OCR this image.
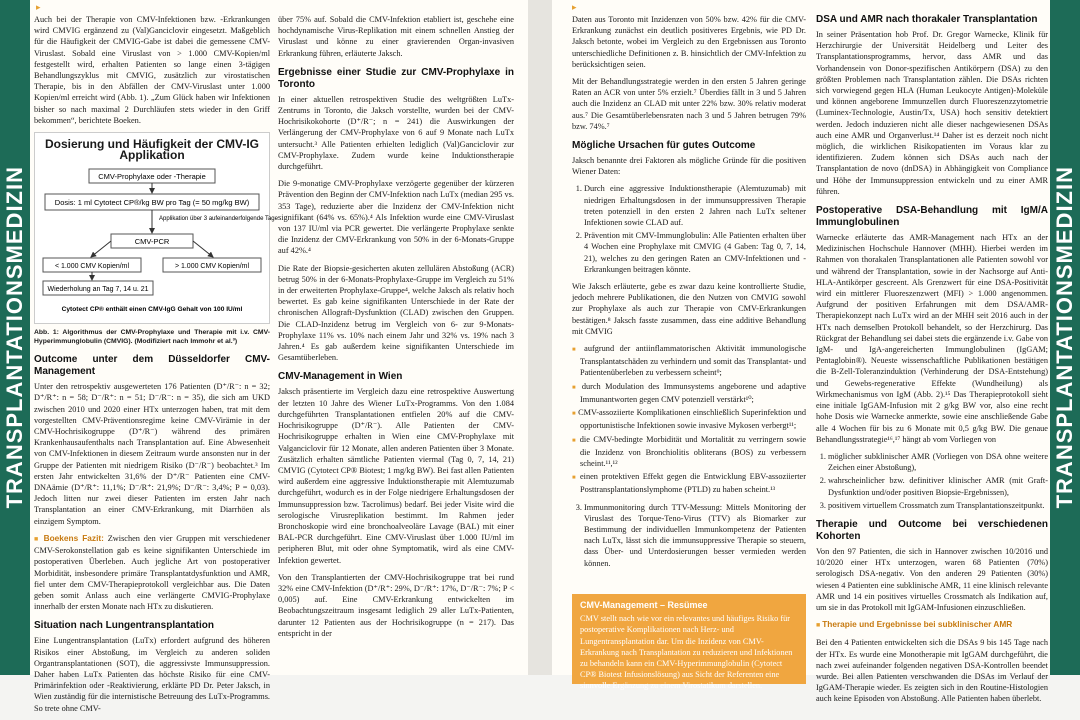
TRANSPLANTATIONSMEDIZIN
▸

Auch bei der Therapie von CMV-Infektionen bzw. -Erkrankungen wird CMVIG ergänzend zu (Val)Ganciclovir eingesetzt. Maßgeblich für die Häufigkeit der CMVIG-Gabe ist dabei die gemessene CMV-Viruslast. Sobald eine Viruslast von > 1.000 CMV-Kopien/ml festgestellt wird, erhalten Patienten so lange einen 3-tägigen Behandlungszyklus mit CMVIG, zusätzlich zur virostatischen Therapie, bis in den Abfällen der CMV-Viruslast unter 1.000 Kopien/ml erreicht wird (Abb. 1). „Zum Glück haben wir Infektionen bisher so nach maximal 2 Durchläufen stets wieder in den Griff bekommen“, berichtete Boeken.

Dosierung und Häufigkeit der CMV-IG Applikation
CMV-Prophylaxe oder -Therapie
Dosis: 1 ml Cytotect CP®/kg BW pro Tag (= 50 mg/kg BW)
Applikation über 3 aufeinanderfolgende Tage
CMV-PCR
< 1.000 CMV Kopien/ml	> 1.000 CMV Kopien/ml
Wiederholung an Tag 7, 14 u. 21
Cytotect CP® enthält einen CMV-IgG Gehalt von 100 IU/ml
Abb. 1: Algorithmus der CMV-Prophylaxe und Therapie mit i.v. CMV-Hyperimmunglobulin (CMVIG). (Modifiziert nach Immohr et al.³)
Outcome unter dem Düsseldorfer CMV-Management

Unter den retrospektiv ausgewerteten 176 Patienten (D⁺/R⁻: n = 32; D⁺/R⁺: n = 58; D⁻/R⁺: n = 51; D⁻/R⁻: n = 35), die sich am UKD zwischen 2010 und 2020 einer HTx unterzogen haben, trat mit dem vorgestellten CMV-Präventionsregime keine CMV-Virämie in der CMV-Hochrisikogruppe (D⁺/R⁻) während des primären Krankenhausaufenthalts nach Transplantation auf. Eine Abwesenheit von CMV-Infektionen in diesem Zeitraum wurde ansonsten nur in der Gruppe der Patienten mit niedrigem Risiko (D⁻/R⁻) beobachtet.³ Im ersten Jahr entwickelten 31,6% der D⁺/R⁻ Patienten eine CMV-DNAämie (D⁺/R⁺: 11,1%; D⁻/R⁺: 21,9%; D⁻/R⁻: 3,4%; P = 0,03). Jedoch litten nur zwei dieser Patienten im ersten Jahr nach Transplantation an einer CMV-Erkrankung, mit Diarrhöen als einzigem Symptom.

■ Boekens Fazit: Zwischen den vier Gruppen mit verschiedener CMV-Serokonstellation gab es keine signifikanten Unterschiede im postoperativen Überleben. Auch jegliche Art von postoperativer Morbidität, insbesondere primäre Transplantatdysfunktion und AMR, fiel unter dem CMV-Therapieprotokoll vergleichbar aus. Die Daten geben somit Anlass auch eine verlängerte CMVIG-Prophylaxe innerhalb der ersten Monate nach HTx zu diskutieren.

Situation nach Lungentransplantation

Eine Lungentransplantation (LuTx) erfordert aufgrund des höheren Risikos einer Abstoßung, im Vergleich zu anderen soliden Organtransplantationen (SOT), die aggressivste Immunsuppression. Daher haben LuTx Patienten das höchste Risiko für eine CMV-Primärinfektion oder -Reaktivierung, erklärte PD Dr. Peter Jaksch, in Wien zuständig für die internistische Betreuung des LuTx-Programms. So trete ohne CMV-

über 75% auf. Sobald die CMV-Infektion etabliert ist, geschehe eine hochdynamische Virus-Replikation mit einem schnellen Anstieg der Viruslast und könne zu einer gravierenden Organ-invasiven Erkrankung führen, erläuterte Jaksch.

Ergebnisse einer Studie zur CMV-Prophylaxe in Toronto

In einer aktuellen retrospektiven Studie des weltgrößten LuTx-Zentrums in Toronto, die Jaksch vorstellte, wurden bei der CMV-Hochrisikokohorte (D⁺/R⁻; n = 241) die Auswirkungen der Verlängerung der CMV-Prophylaxe von 6 auf 9 Monate nach LuTx untersucht.³ Alle Patienten erhielten lediglich (Val)Ganciclovir zur CMV-Prophylaxe. Zudem wurde keine Induktionstherapie durchgeführt.

Die 9-monatige CMV-Prophylaxe verzögerte gegenüber der kürzeren Prävention den Beginn der CMV-Infektion nach LuTx (median 295 vs. 353 Tage), reduzierte aber die Inzidenz der CMV-Infektion nicht signifikant (64% vs. 65%).⁴ Als Infektion wurde eine CMV-Viruslast von 137 IU/ml via PCR gewertet. Die verlängerte Prophylaxe senkte die Inzidenz der CMV-Erkrankung von 50% in der 6-Monats-Gruppe auf 42%.⁴

Die Rate der Biopsie-gesicherten akuten zellulären Abstoßung (ACR) betrug 50% in der 6-Monats-Prophylaxe-Gruppe im Vergleich zu 51% in der erweiterten Prophylaxe-Gruppe⁴, welche Jaksch als relativ hoch bewertet. Es gab keine signifikanten Unterschiede in der Rate der chronischen Allograft-Dysfunktion (CLAD) zwischen den Gruppen. Die CLAD-Inzidenz betrug im Vergleich von 6- zur 9-Monats-Prophylaxe 11% vs. 10% nach einem Jahr und 32% vs. 19% nach 3 Jahren.⁴ Es gab außerdem keine signifikanten Unterschiede im Gesamtüberleben.

CMV-Management in Wien

Jaksch präsentierte im Vergleich dazu eine retrospektive Auswertung der letzten 10 Jahre des Wiener LuTx-Programms. Von den 1.084 durchgeführten Transplantationen entfielen 20% auf die CMV-Hochrisikogruppe (D⁺/R⁻). Alle Patienten der CMV-Hochrisikogruppe erhalten in Wien eine CMV-Prophylaxe mit Valganciclovir für 12 Monate, allen anderen Patienten über 3 Monate. Zusätzlich erhalten sämtliche Patienten viermal (Tag 0, 7, 14, 21) CMVIG (Cytotect CP® Biotest; 1 mg/kg BW). Bei fast allen Patienten wird außerdem eine aggressive Induktionstherapie mit Alemtuzumab durchgeführt, wodurch es in der Folge niedrigere Erhaltungsdosen der Immunsuppression bzw. Tacrolimus) bedarf. Bei jeder Visite wird die serologische Virusreplikation bestimmt. Im Rahmen jeder Bronchoskopie wird eine bronchoalveoläre Lavage (BAL) mit einer BAL-PCR durchgeführt. Eine CMV-Viruslast über 1.000 IU/ml im peripheren Blut, mit oder ohne Symptomatik, wird als eine CMV-Infektion gewertet.

Von den Transplantierten der CMV-Hochrisikogruppe trat bei rund 32% eine CMV-Infektion (D⁺/R⁺: 29%, D⁻/R⁺: 17%, D⁻/R⁻: 7%; P < 0,005) auf. Eine CMV-Erkrankung entwickelten im Beobachtungszeitraum insgesamt lediglich 29 aller LuTx-Patienten, darunter 12 Patienten aus der Hochrisikogruppe (n = 217). Das entspricht in der

TRANSPLANTATIONSMEDIZIN
▸

Daten aus Toronto mit Inzidenzen von 50% bzw. 42% für die CMV-Erkrankung zunächst ein deutlich positiveres Ergebnis, wie PD Dr. Jaksch betonte, wobei im Vergleich zu den Ergebnissen aus Toronto unterschiedliche Definitionen z. B. hinsichtlich der CMV-Infektion zu berücksichtigen seien.

Mit der Behandlungsstrategie werden in den ersten 5 Jahren geringe Raten an ACR von unter 5% erzielt.⁷ Überdies fällt in 3 und 5 Jahren auch die Inzidenz an CLAD mit unter 22% bzw. 30% relativ moderat aus.⁷ Die Gesamtüberlebensraten nach 3 und 5 Jahren betrugen 79% bzw. 74%.⁷

Mögliche Ursachen für gutes Outcome

Jaksch benannte drei Faktoren als mögliche Gründe für die positiven Wiener Daten:

1. Durch eine aggressive Induktionstherapie (Alemtuzumab) mit niedrigen Erhaltungsdosen in der immunsuppressiven Therapie treten potenziell in den ersten 2 Jahren nach LuTx seltener Infektionen sowie CLAD auf.
2. Prävention mit CMV-Immunglobulin: Alle Patienten erhalten über 4 Wochen eine Prophylaxe mit CMVIG (4 Gaben: Tag 0, 7, 14, 21), welches zu den geringen Raten an CMV-Infektionen und -Erkrankungen beitragen könnte.

Wie Jaksch erläuterte, gebe es zwar dazu keine kontrollierte Studie, jedoch mehrere Publikationen, die den Nutzen von CMVIG sowohl zur Prophylaxe als auch zur Therapie von CMV-Erkrankungen bestätigen.⁸ Jaksch fasste zusammen, dass eine additive Behandlung mit CMVIG

■ aufgrund der antiinflammatorischen Aktivität immunologische Transplantatschäden zu verhindern und somit das Transplantat- und Patientenüberleben zu verbessern scheint⁹;
■ durch Modulation des Immunsystems angeborene und adaptive Immunantworten gegen CMV potenziell verstärkt¹⁰;
■ CMV-assoziierte Komplikationen einschließlich Superinfektion und opportunistische Infektionen sowie invasive Mykosen verbergt¹¹;
■ die CMV-bedingte Morbidität und Mortalität zu verringern sowie die Inzidenz von Bronchiolitis obliterans (BOS) zu verbessern scheint.¹¹,¹²
■ einen protektiven Effekt gegen die Entwicklung EBV-assoziierter Posttransplantationslymphome (PTLD) zu haben scheint.¹³
3. Immunmonitoring durch TTV-Messung: Mittels Monitoring der Viruslast des Torque-Teno-Virus (TTV) als Biomarker zur Bestimmung der individuellen Immunkompetenz der Patienten nach LuTx, lässt sich die immunsuppressive Therapie so steuern, dass Über- und Unterdosierungen besser vermieden werden können.
CMV-Management – Resümee
CMV stellt nach wie vor ein relevantes und häufiges Risiko für postoperative Komplikationen nach Herz- und Lungentransplantation dar. Um die Inzidenz von CMV-Erkrankung nach Transplantation zu reduzieren und Infektionen zu behandeln kann ein CMV-Hyperimmunglobulin (Cytotect CP® Biotest Infusionslösung) aus Sicht der Referenten eine sinnvolle Ergänzung zu einem Virostatikum darstellen.
DSA und AMR nach thorakaler Transplantation

In seiner Präsentation hob Prof. Dr. Gregor Warnecke, Klinik für Herzchirurgie der Universität Heidelberg und Leiter des Transplantationsprogramms, hervor, dass AMR und das Vorhandensein von Donor-spezifischen Antikörpern (DSA) zu den größten Problemen nach Transplantation zählen. Die DSAs richten sich vorwiegend gegen HLA (Human Leukocyte Antigen)-Moleküle und können angeborene Immunzellen durch Fluoreszenzzytometrie (Luminex-Technologie, Austin/Tx, USA) hoch sensitiv detektiert werden. Jedoch induzieren nicht alle dieser nachgewiesenen DSAs auch eine AMR und Organverlust.¹⁴ Daher ist es derzeit noch nicht möglich, die wirklichen Risikopatienten im Voraus klar zu identifizieren. Zudem können sich DSAs auch nach der Transplantation de novo (dnDSA) in Abhängigkeit von Compliance und Höhe der Immunsuppression entwickeln und zu einer AMR führen.

Postoperative DSA-Behandlung mit IgM/A Immunglobulinen

Warnecke erläuterte das AMR-Management nach HTx an der Medizinischen Hochschule Hannover (MHH). Hierbei werden im Rahmen von thorakalen Transplantationen alle Patienten sowohl vor und während der Transplantation, sowie in der Nachsorge auf Anti-HLA-Antikörper gescreent. Als Grenzwert für eine DSA-Positivität wird ein mittlerer Fluoreszenzwert (MFI) > 1.000 angenommen. Aufgrund der positiven Erfahrungen mit dem DSA/AMR-Therapiekonzept nach LuTx wird an der MHH seit 2016 auch in der HTx nach demselben Protokoll behandelt, so der Herzchirurg. Das Rückgrat der Behandlung sei dabei stets die ergänzende i.v. Gabe von IgM- und IgA-angereicherten Immunglobulinen (IgGAM; Pentaglobin®). Neueste wissenschaftliche Publikationen bestätigen die B-Zell-Toleranzinduktion (Verhinderung der DSA-Entstehung) und Gewebs-regenerative Effekte (Wundheilung) als Wirkmechanismus von IgM (Abb. 2).¹⁵ Das Therapieprotokoll sieht eine initiale IgGAM-Infusion mit 2 g/kg BW vor, also eine recht hohe Dosis wie Warnecke anmerkte, sowie eine anschließende Gabe alle 4 Wochen für bis zu 6 Monate mit 0,5 g/kg BW. Die genaue Behandlungsstrategie¹⁶,¹⁷ hängt ab vom Vorliegen von

1. möglicher subklinischer AMR (Vorliegen von DSA ohne weitere Zeichen einer Abstoßung),
2. wahrscheinlicher bzw. definitiver klinischer AMR (mit Graft-Dysfunktion und/oder positiven Biopsie-Ergebnissen),
3. positivem virtuellem Crossmatch zum Transplantationszeitpunkt.
Therapie und Outcome bei verschiedenen Kohorten

Von den 97 Patienten, die sich in Hannover zwischen 10/2016 und 10/2020 einer HTx unterzogen, waren 68 Patienten (70%) serologisch DSA-negativ. Von den anderen 29 Patienten (30%) wiesen 4 Patienten eine subklinische AMR, 11 eine klinisch relevante AMR und 14 ein positives virtuelles Crossmatch als Indikation auf, um sie in das Protokoll mit IgGAM-Infusionen einzuschließen.

■ Therapie und Ergebnisse bei subklinischer AMR

Bei den 4 Patienten entwickelten sich die DSAs 9 bis 145 Tage nach der HTx. Es wurde eine Monotherapie mit IgGAM durchgeführt, die nach zwei aufeinander folgenden negativen DSA-Kontrollen beendet wurde. Bei allen Patienten verschwanden die DSAs im Verlauf der IgGAM-Therapie wieder. Es zeigten sich in den Routine-Histologien auch keine Episoden von Abstoßung. Alle Patienten haben überlebt.
